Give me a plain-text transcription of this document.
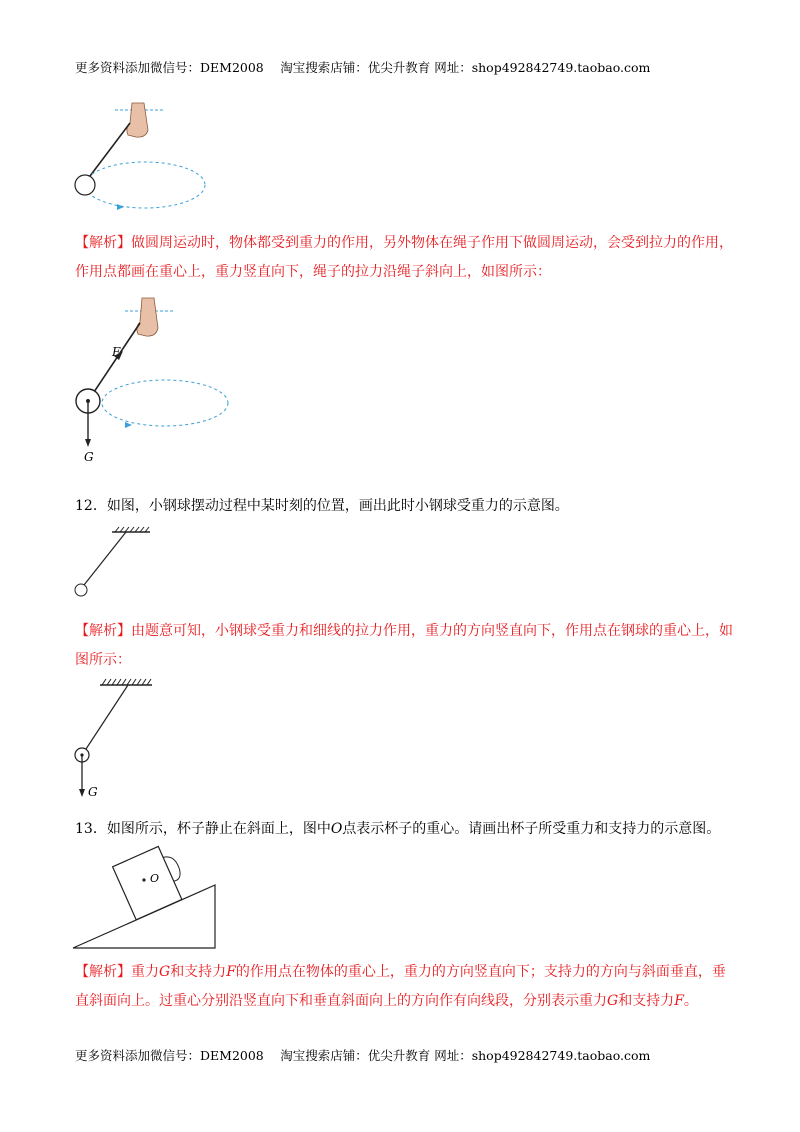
更多资料添加微信号：DEM2008　 淘宝搜索店铺：优尖升教育 网址：shop492842749.taobao.com
【解析】做圆周运动时，物体都受到重力的作用，另外物体在绳子作用下做圆周运动，会受到拉力的作用，作用点都画在重心上，重力竖直向下，绳子的拉力沿绳子斜向上，如图所示：
F
G
12．如图，小钢球摆动过程中某时刻的位置，画出此时小钢球受重力的示意图。
【解析】由题意可知，小钢球受重力和细线的拉力作用，重力的方向竖直向下，作用点在钢球的重心上，如图所示：
G
13．如图所示，杯子静止在斜面上，图中O点表示杯子的重心。请画出杯子所受重力和支持力的示意图。
O
【解析】重力G和支持力F的作用点在物体的重心上，重力的方向竖直向下；支持力的方向与斜面垂直，垂直斜面向上。过重心分别沿竖直向下和垂直斜面向上的方向作有向线段，分别表示重力G和支持力F。
更多资料添加微信号：DEM2008　 淘宝搜索店铺：优尖升教育 网址：shop492842749.taobao.com
